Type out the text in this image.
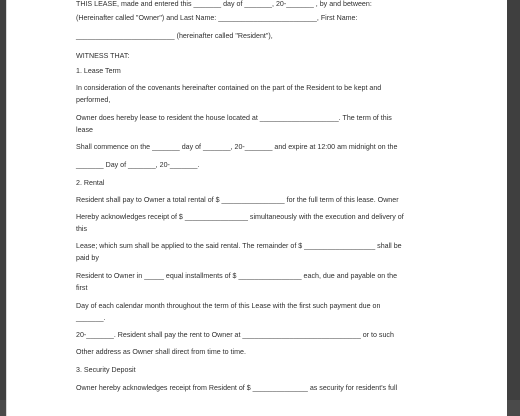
THIS LEASE, made and entered this _______ day of _______, 20-_______ , by and between:
(Hereinafter called "Owner") and Last Name: _________________________, First Name:
_________________________ (hereinafter called "Resident"),
WITNESS THAT:
1. Lease Term
In consideration of the covenants hereinafter contained on the part of the Resident to be kept and
performed,
Owner does hereby lease to resident the house located at ____________________. The term of this
lease
Shall commence on the _______ day of _______, 20-_______ and expire at 12:00 am midnight on the
_______ Day of _______, 20-_______.
2. Rental
Resident shall pay to Owner a total rental of $ ________________ for the full term of this lease. Owner
Hereby acknowledges receipt of $ ________________ simultaneously with the execution and delivery of
this
Lease; which sum shall be applied to the said rental. The remainder of $ __________________ shall be
paid by
Resident to Owner in _____ equal installments of $ ________________ each, due and payable on the
first
Day of each calendar month throughout the term of this Lease with the first such payment due on
_______.
20-_______. Resident shall pay the rent to Owner at ______________________________ or to such
Other address as Owner shall direct from time to time.
3. Security Deposit
Owner hereby acknowledges receipt from Resident of $ ______________ as security for resident's full
